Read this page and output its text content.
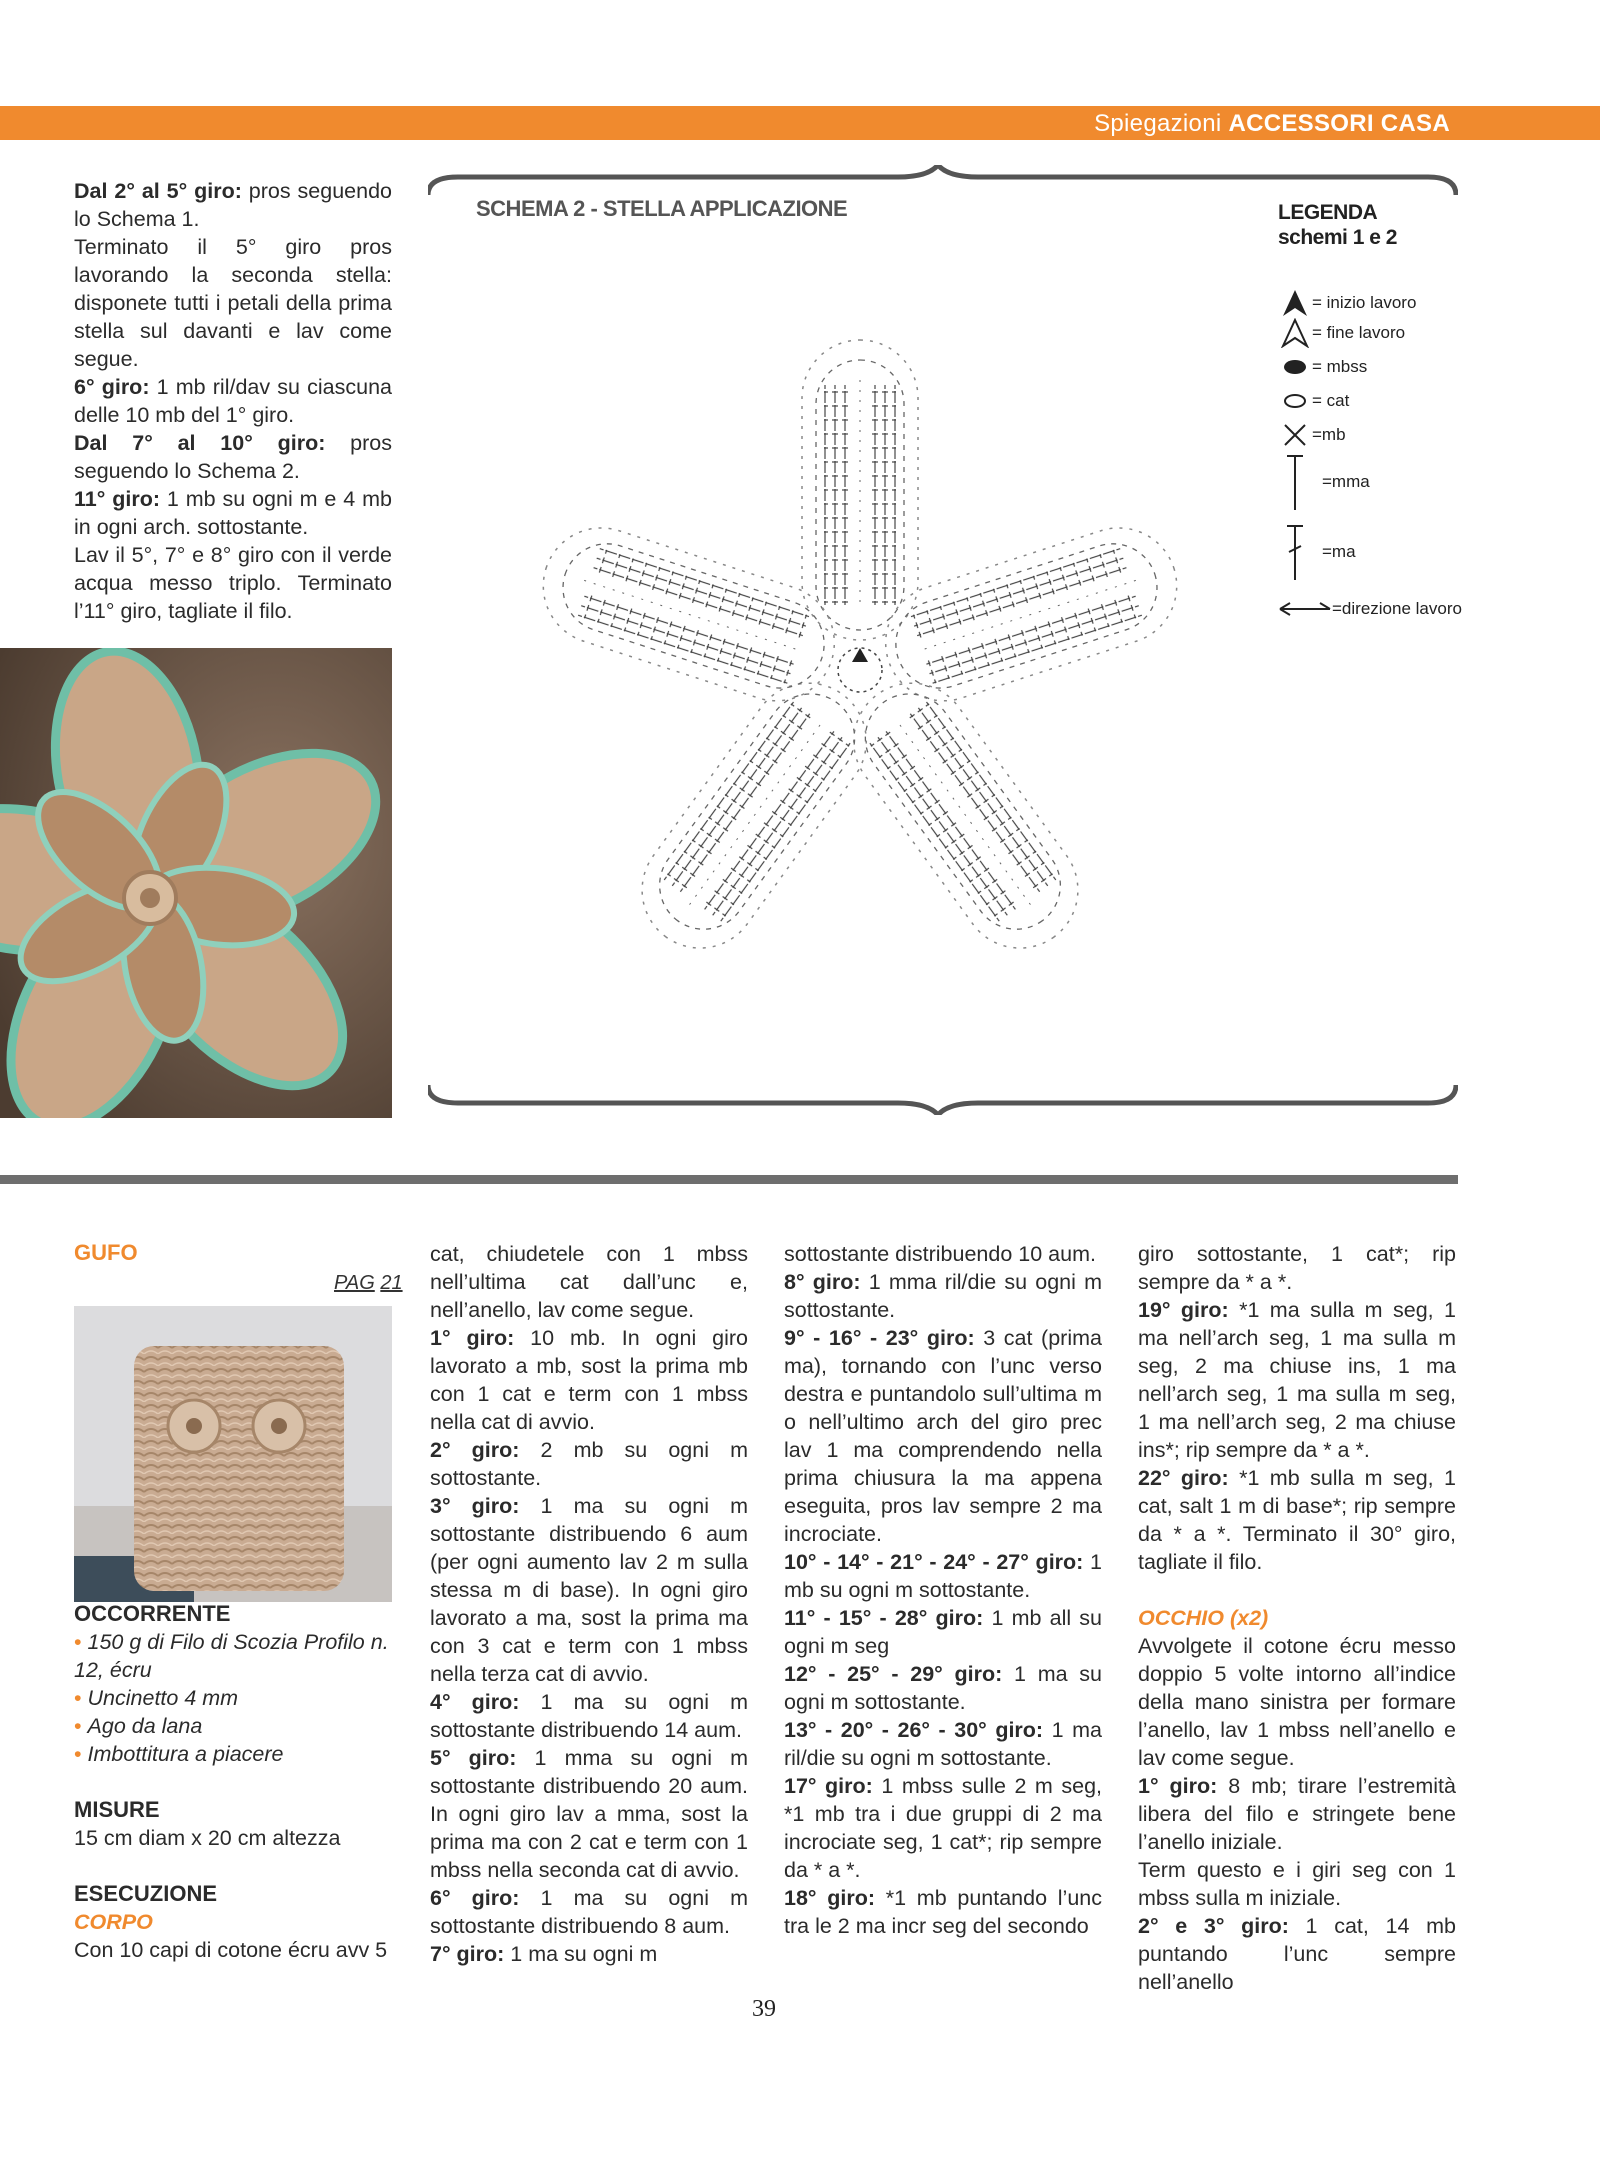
Spiegazioni ACCESSORI CASA

Dal 2° al 5° giro: pros seguendo lo Schema 1.

Terminato il 5° giro pros lavorando la seconda stella: disponete tutti i petali della prima stella sul davanti e lav come segue.

6° giro: 1 mb ril/dav su ciascuna delle 10 mb del 1° giro.

Dal 7° al 10° giro: pros seguendo lo Schema 2.

11° giro: 1 mb su ogni m e 4 mb in ogni arch. sottostante.

Lav il 5°, 7° e 8° giro con il verde acqua messo triplo. Terminato l’11° giro, tagliate il filo.

SCHEMA 2 - STELLA APPLICAZIONE	LEGENDA
schemi 1 e 2
= inizio lavoro
= fine lavoro
= mbss
= cat
=mb
=mma
=ma
=direzione lavoro
GUFO
PAG 21

OCCORRENTE

• 150 g di Filo di Scozia Profilo n. 12, écru

• Uncinetto 4 mm

• Ago da lana

• Imbottitura a piacere

MISURE

15 cm diam x 20 cm altezza

ESECUZIONE

CORPO

Con 10 capi di cotone écru avv 5

cat, chiudetele con 1 mbss nell’ultima cat dall’unc e, nell’anello, lav come segue.

1° giro: 10 mb. In ogni giro lavorato a mb, sost la prima mb con 1 cat e term con 1 mbss nella cat di avvio.

2° giro: 2 mb su ogni m sottostante.

3° giro: 1 ma su ogni m sottostante distribuendo 6 aum (per ogni aumento lav 2 m sulla stessa m di base). In ogni giro lavorato a ma, sost la prima ma con 3 cat e term con 1 mbss nella terza cat di avvio.

4° giro: 1 ma su ogni m sottostante distribuendo 14 aum.

5° giro: 1 mma su ogni m sottostante distribuendo 20 aum. In ogni giro lav a mma, sost la prima ma con 2 cat e term con 1 mbss nella seconda cat di avvio.

6° giro: 1 ma su ogni m sottostante distribuendo 8 aum.

7° giro: 1 ma su ogni m

sottostante distribuendo 10 aum.

8° giro: 1 mma ril/die su ogni m sottostante.

9° - 16° - 23° giro: 3 cat (prima ma), tornando con l’unc verso destra e puntandolo sull’ultima m o nell’ultimo arch del giro prec lav 1 ma comprendendo nella prima chiusura la ma appena eseguita, pros lav sempre 2 ma incrociate.

10° - 14° - 21° - 24° - 27° giro: 1 mb su ogni m sottostante.

11° - 15° - 28° giro: 1 mb all su ogni m seg

12° - 25° - 29° giro: 1 ma su ogni m sottostante.

13° - 20° - 26° - 30° giro: 1 ma ril/die su ogni m sottostante.

17° giro: 1 mbss sulle 2 m seg, *1 mb tra i due gruppi di 2 ma incrociate seg, 1 cat*; rip sempre da * a *.

18° giro: *1 mb puntando l’unc tra le 2 ma incr seg del secondo

giro sottostante, 1 cat*; rip sempre da * a *.

19° giro: *1 ma sulla m seg, 1 ma nell’arch seg, 1 ma sulla m seg, 2 ma chiuse ins, 1 ma nell’arch seg, 1 ma sulla m seg, 1 ma nell’arch seg, 2 ma chiuse ins*; rip sempre da * a *.

22° giro: *1 mb sulla m seg, 1 cat, salt 1 m di base*; rip sempre da * a *. Terminato il 30° giro, tagliate il filo.

OCCHIO (x2)

Avvolgete il cotone écru messo doppio 5 volte intorno all’indice della mano sinistra per formare l’anello, lav 1 mbss nell’anello e lav come segue.

1° giro: 8 mb; tirare l’estremità libera del filo e stringete bene l’anello iniziale.

Term questo e i giri seg con 1 mbss sulla m iniziale.

2° e 3° giro: 1 cat, 14 mb puntando l’unc sempre nell’anello

39
